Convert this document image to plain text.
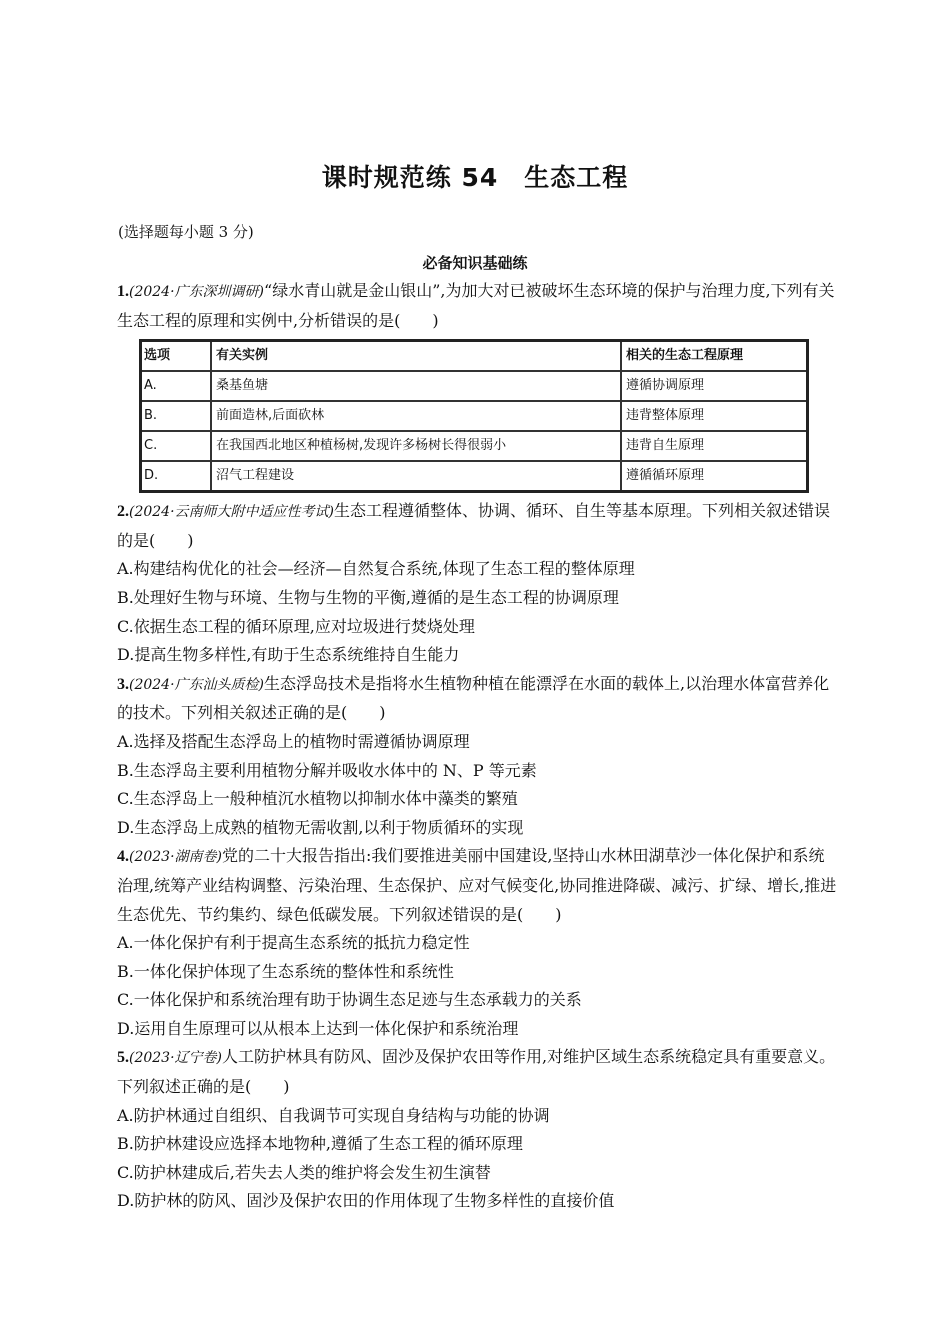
课时规范练 54　生态工程
(选择题每小题 3 分)
必备知识基础练

1.(2024·广东深圳调研)“绿水青山就是金山银山”,为加大对已被破坏生态环境的保护与治理力度,下列有关生态工程的原理和实例中,分析错误的是(　　)

选项	有关实例	相关的生态工程原理
A.	桑基鱼塘	遵循协调原理
B.	前面造林,后面砍林	违背整体原理
C.	在我国西北地区种植杨树,发现许多杨树长得很弱小	违背自生原理
D.	沼气工程建设	遵循循环原理

2.(2024·云南师大附中适应性考试)生态工程遵循整体、协调、循环、自生等基本原理。下列相关叙述错误的是(　　)

A.构建结构优化的社会—经济—自然复合系统,体现了生态工程的整体原理

B.处理好生物与环境、生物与生物的平衡,遵循的是生态工程的协调原理

C.依据生态工程的循环原理,应对垃圾进行焚烧处理

D.提高生物多样性,有助于生态系统维持自生能力

3.(2024·广东汕头质检)生态浮岛技术是指将水生植物种植在能漂浮在水面的载体上,以治理水体富营养化的技术。下列相关叙述正确的是(　　)

A.选择及搭配生态浮岛上的植物时需遵循协调原理

B.生态浮岛主要利用植物分解并吸收水体中的 N、P 等元素

C.生态浮岛上一般种植沉水植物以抑制水体中藻类的繁殖

D.生态浮岛上成熟的植物无需收割,以利于物质循环的实现

4.(2023·湖南卷)党的二十大报告指出:我们要推进美丽中国建设,坚持山水林田湖草沙一体化保护和系统治理,统筹产业结构调整、污染治理、生态保护、应对气候变化,协同推进降碳、减污、扩绿、增长,推进生态优先、节约集约、绿色低碳发展。下列叙述错误的是(　　)

A.一体化保护有利于提高生态系统的抵抗力稳定性

B.一体化保护体现了生态系统的整体性和系统性

C.一体化保护和系统治理有助于协调生态足迹与生态承载力的关系

D.运用自生原理可以从根本上达到一体化保护和系统治理

5.(2023·辽宁卷)人工防护林具有防风、固沙及保护农田等作用,对维护区域生态系统稳定具有重要意义。下列叙述正确的是(　　)

A.防护林通过自组织、自我调节可实现自身结构与功能的协调

B.防护林建设应选择本地物种,遵循了生态工程的循环原理

C.防护林建成后,若失去人类的维护将会发生初生演替

D.防护林的防风、固沙及保护农田的作用体现了生物多样性的直接价值
